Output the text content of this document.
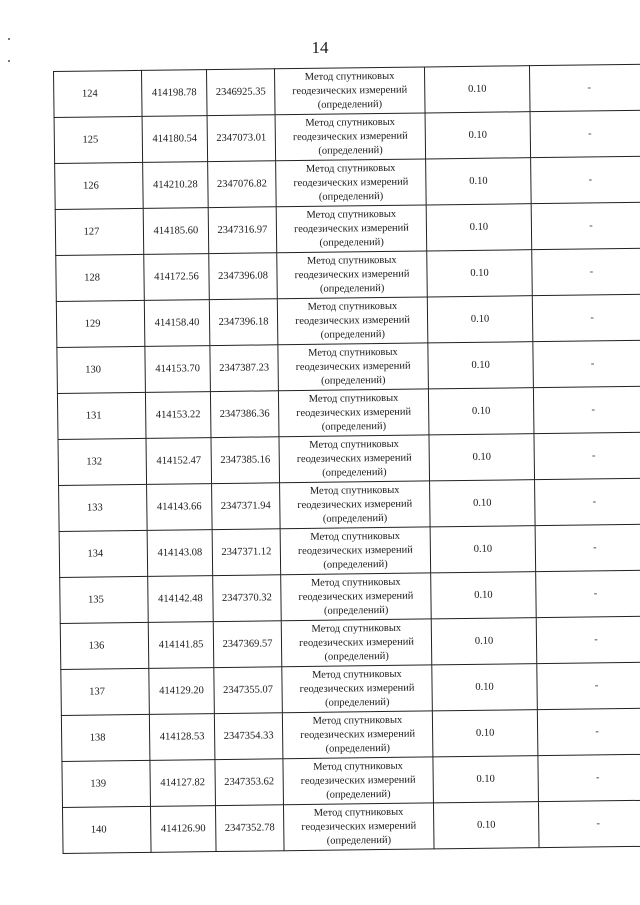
14
124	414198.78	2346925.35	Метод спутниковых
геодезических измерений
(определений)	0.10	-
125	414180.54	2347073.01	Метод спутниковых
геодезических измерений
(определений)	0.10	-
126	414210.28	2347076.82	Метод спутниковых
геодезических измерений
(определений)	0.10	-
127	414185.60	2347316.97	Метод спутниковых
геодезических измерений
(определений)	0.10	-
128	414172.56	2347396.08	Метод спутниковых
геодезических измерений
(определений)	0.10	-
129	414158.40	2347396.18	Метод спутниковых
геодезических измерений
(определений)	0.10	-
130	414153.70	2347387.23	Метод спутниковых
геодезических измерений
(определений)	0.10	-
131	414153.22	2347386.36	Метод спутниковых
геодезических измерений
(определений)	0.10	-
132	414152.47	2347385.16	Метод спутниковых
геодезических измерений
(определений)	0.10	-
133	414143.66	2347371.94	Метод спутниковых
геодезических измерений
(определений)	0.10	-
134	414143.08	2347371.12	Метод спутниковых
геодезических измерений
(определений)	0.10	-
135	414142.48	2347370.32	Метод спутниковых
геодезических измерений
(определений)	0.10	-
136	414141.85	2347369.57	Метод спутниковых
геодезических измерений
(определений)	0.10	-
137	414129.20	2347355.07	Метод спутниковых
геодезических измерений
(определений)	0.10	-
138	414128.53	2347354.33	Метод спутниковых
геодезических измерений
(определений)	0.10	-
139	414127.82	2347353.62	Метод спутниковых
геодезических измерений
(определений)	0.10	-
140	414126.90	2347352.78	Метод спутниковых
геодезических измерений
(определений)	0.10	-
